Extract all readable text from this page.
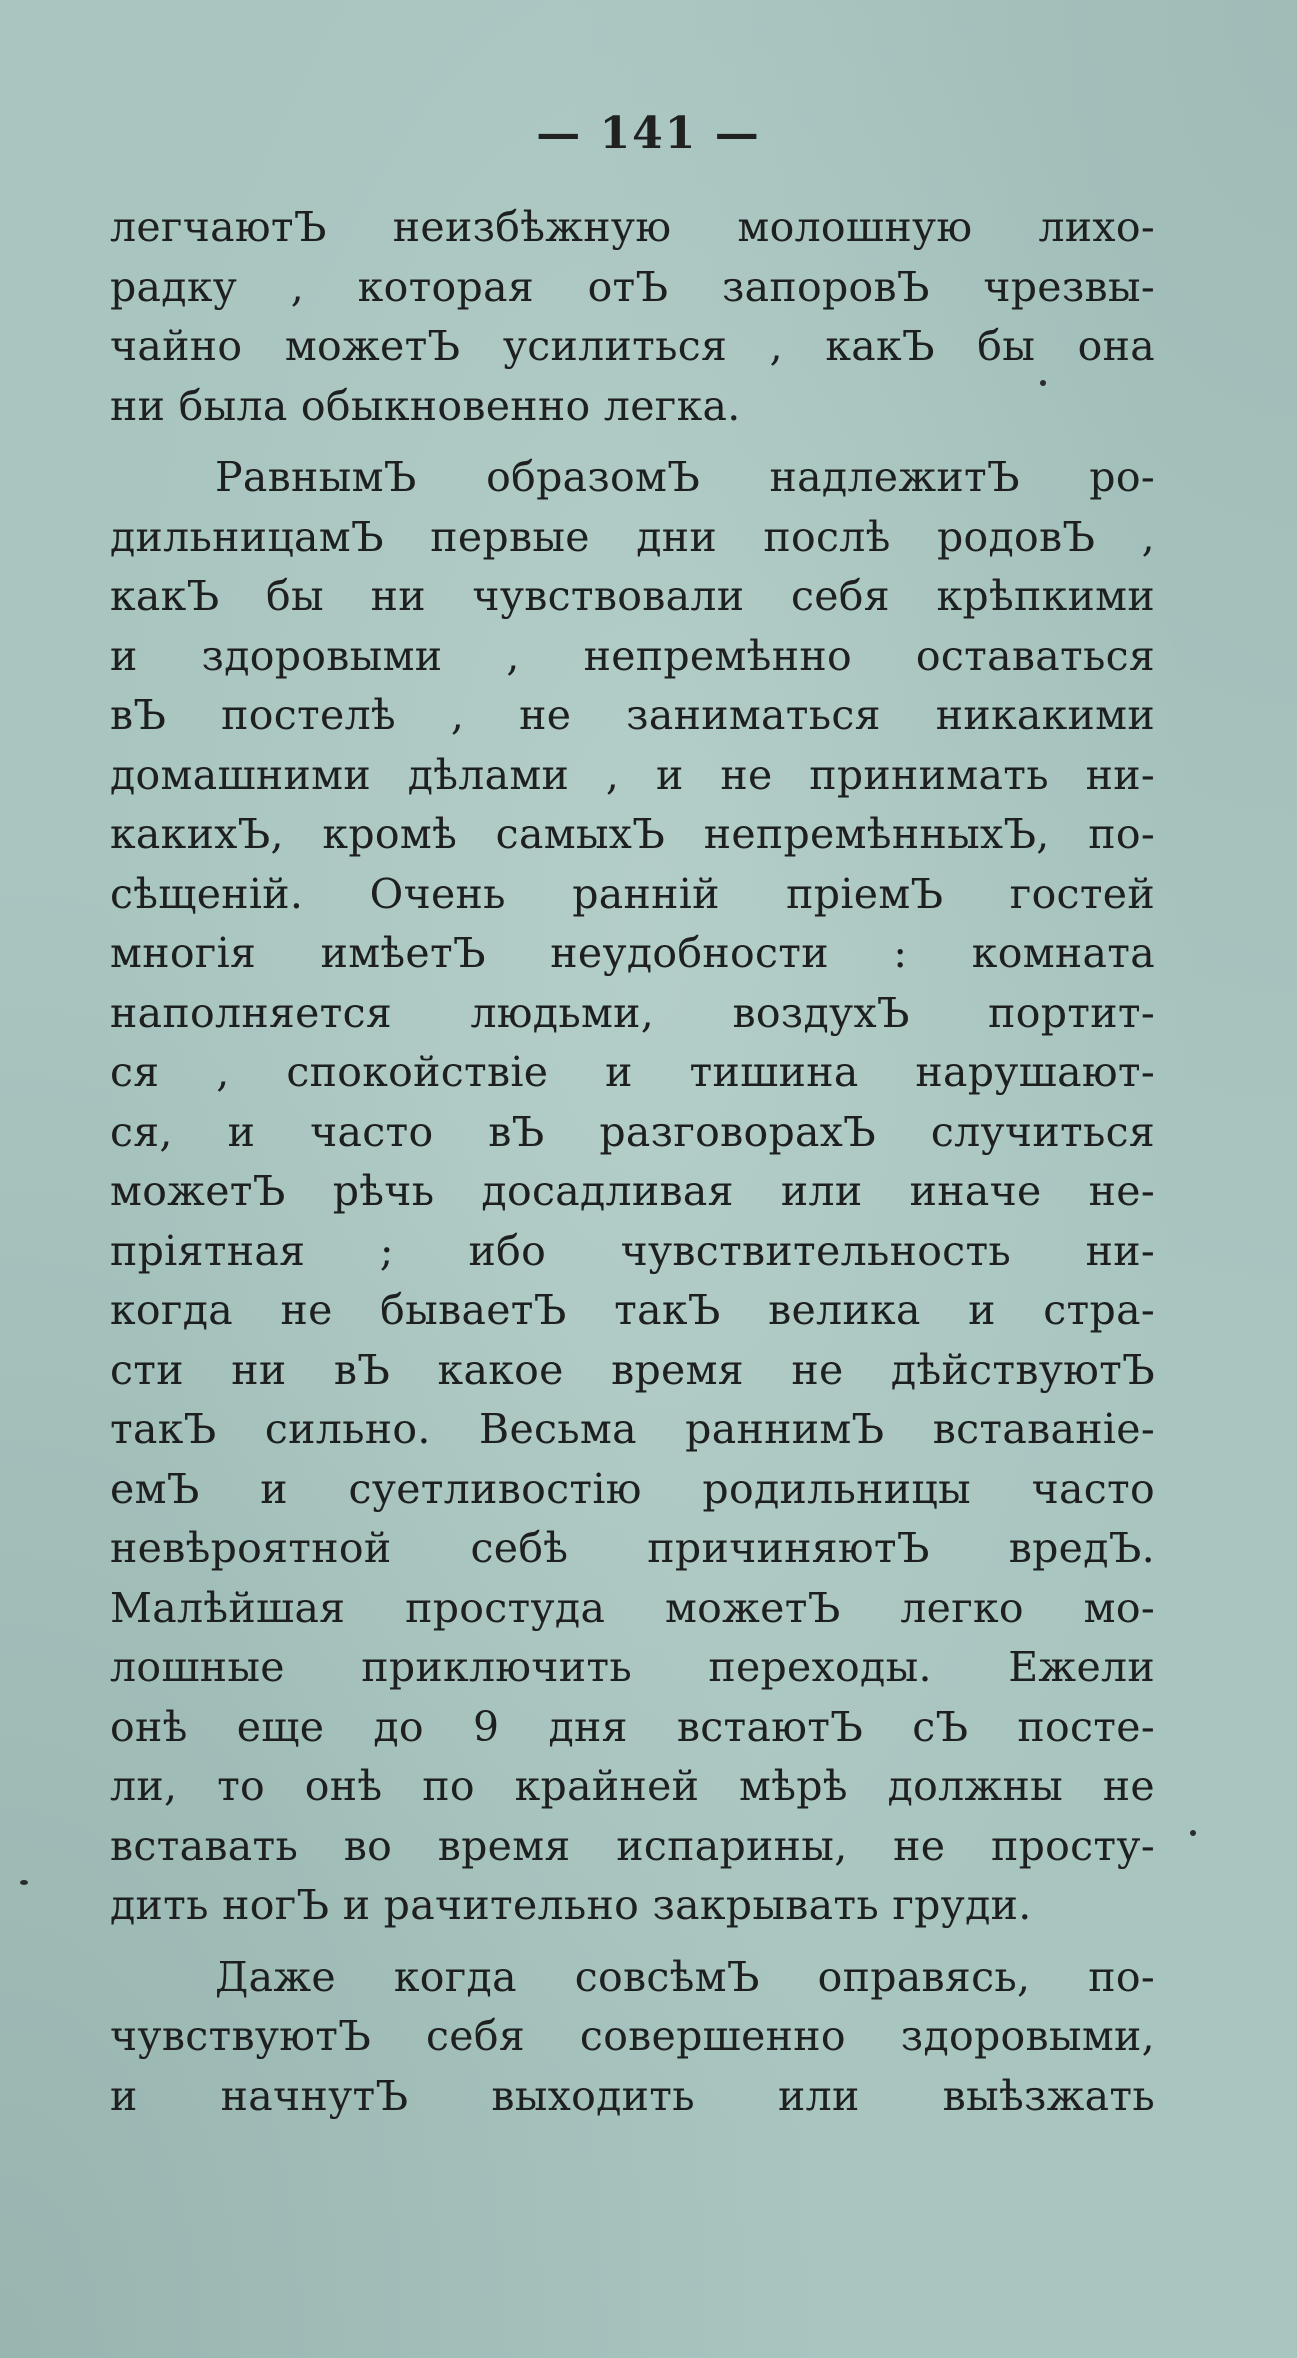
— 141 —
легчаютЪ неизбѣжную молошную лихо-
радку , которая отЪ запоровЪ чрезвы-
чайно можетЪ усилиться , какЪ бы она
ни была обыкновенно легка.
РавнымЪ образомЪ надлежитЪ ро-
дильницамЪ первые дни послѣ родовЪ ,
какЪ бы ни чувствовали себя крѣпкими
и здоровыми , непремѣнно оставаться
вЪ постелѣ , не заниматься никакими
домашними дѣлами , и не принимать ни-
какихЪ, кромѣ самыхЪ непремѣнныхЪ, по-
сѣщеній. Очень ранній пріемЪ гостей
многія имѣетЪ неудобности : комната
наполняется людьми, воздухЪ портит-
ся , спокойствіе и тишина нарушают-
ся, и часто вЪ разговорахЪ случиться
можетЪ рѣчь досадливая или иначе не-
пріятная ; ибо чувствительность ни-
когда не бываетЪ такЪ велика и стра-
сти ни вЪ какое время не дѣйствуютЪ
такЪ сильно. Весьма раннимЪ вставаніе-
емЪ и суетливостію родильницы часто
невѣроятной себѣ причиняютЪ вредЪ.
Малѣйшая простуда можетЪ легко мо-
лошные приключить переходы. Ежели
онѣ еще до 9 дня встаютЪ сЪ посте-
ли, то онѣ по крайней мѣрѣ должны не
вставать во время испарины, не просту-
дить ногЪ и рачительно закрывать груди.
Даже когда совсѣмЪ оправясь, по-
чувствуютЪ себя совершенно здоровыми,
и начнутЪ выходить или выѣзжать
